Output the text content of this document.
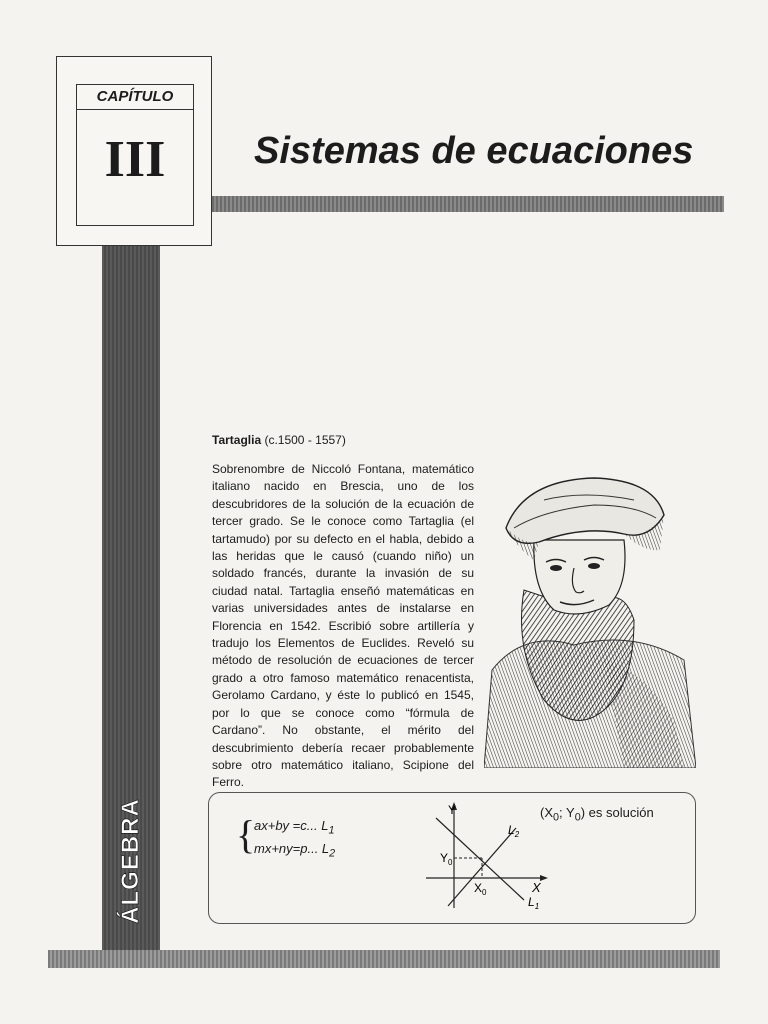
ÁLGEBRA
CAPÍTULO
III	Sistemas de ecuaciones
Tartaglia (c.1500 - 1557)
Sobrenombre de Niccoló Fontana, matemático italiano nacido en Brescia, uno de los descubridores de la solución de la ecuación de tercer grado. Se le conoce como Tartaglia (el tartamudo) por su defecto en el habla, debido a las heridas que le causó (cuando niño) un soldado francés, durante la invasión de su ciudad natal. Tartaglia enseñó matemáticas en varias universidades antes de instalarse en Florencia en 1542. Escribió sobre artillería y tradujo los Elementos de Euclides. Reveló su método de resolución de ecuaciones de tercer grado a otro famoso matemático renacentista, Gerolamo Cardano, y éste lo publicó en 1545, por lo que se conoce como “fórmula de Cardano”. No obstante, el mérito del descubrimiento debería recaer probablemente sobre otro matemático italiano, Scipione del Ferro.
{
ax+by =c... $L_1$
mx+ny=p... $L_2$
Y
X
$Y_0$
$X_0$
$L_2$
$L_1$
($X_0$; $Y_0$) es solución
